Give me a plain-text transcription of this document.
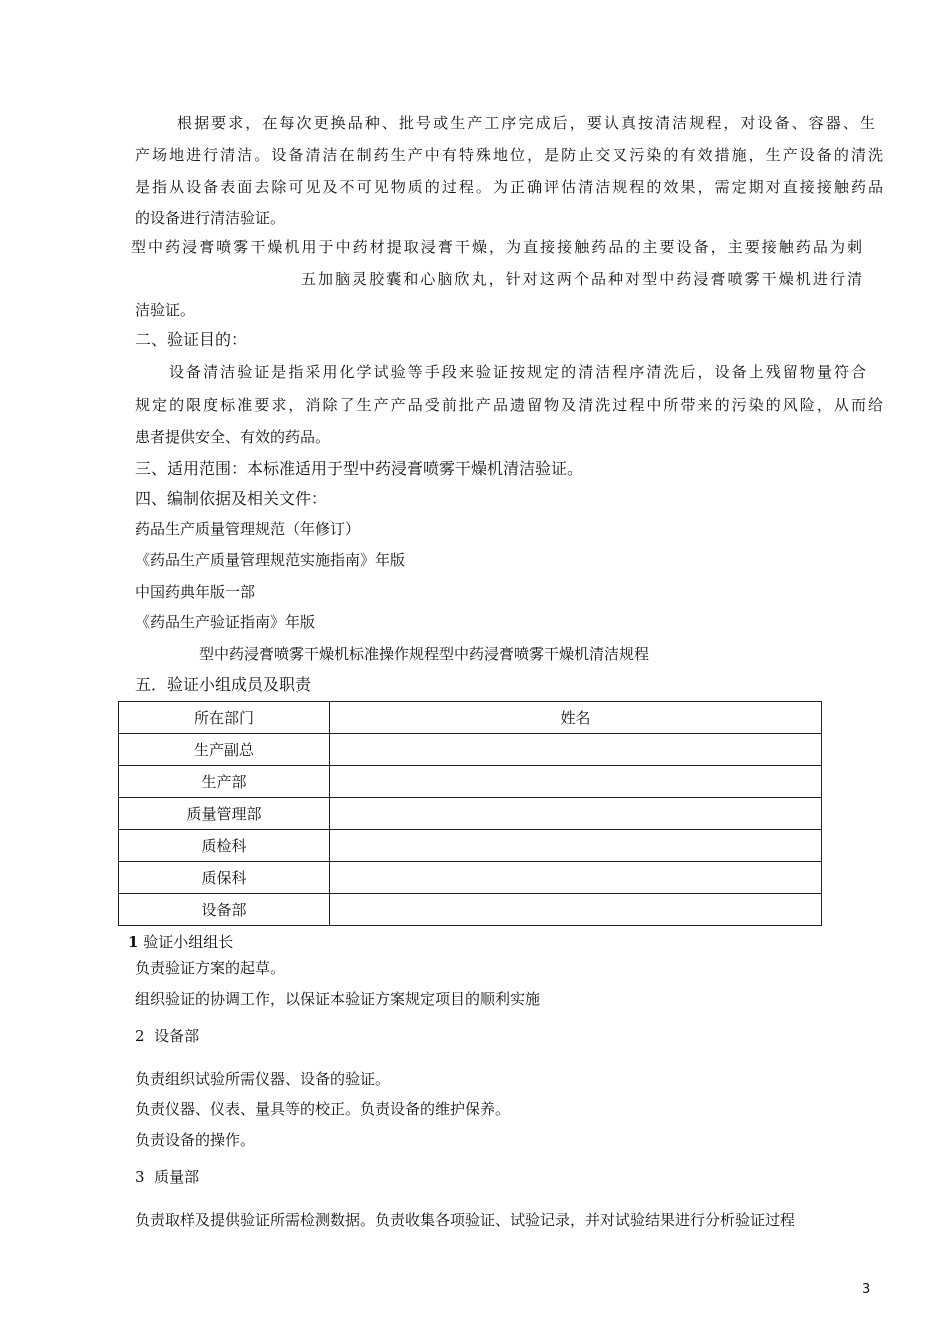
根据要求，在每次更换品种、批号或生产工序完成后，要认真按清洁规程，对设备、容器、生
产场地进行清洁。设备清洁在制药生产中有特殊地位，是防止交叉污染的有效措施，生产设备的清洗
是指从设备表面去除可见及不可见物质的过程。为正确评估清洁规程的效果，需定期对直接接触药品
的设备进行清洁验证。
型中药浸膏喷雾干燥机用于中药材提取浸膏干燥，为直接接触药品的主要设备，主要接触药品为刺
五加脑灵胶囊和心脑欣丸，针对这两个品种对型中药浸膏喷雾干燥机进行清
洁验证。
二、验证目的：
设备清洁验证是指采用化学试验等手段来验证按规定的清洁程序清洗后，设备上残留物量符合
规定的限度标准要求，消除了生产产品受前批产品遗留物及清洗过程中所带来的污染的风险，从而给
患者提供安全、有效的药品。
三、适用范围：本标准适用于型中药浸膏喷雾干燥机清洁验证。
四、编制依据及相关文件：
药品生产质量管理规范（年修订）
《药品生产质量管理规范实施指南》年版
中国药典年版一部
《药品生产验证指南》年版
型中药浸膏喷雾干燥机标准操作规程型中药浸膏喷雾干燥机清洁规程
五．验证小组成员及职责
所在部门	姓名
生产副总	
生产部	
质量管理部	
质检科	
质保科	
设备部	
1 验证小组组长
负责验证方案的起草。
组织验证的协调工作，以保证本验证方案规定项目的顺利实施
2  设备部
负责组织试验所需仪器、设备的验证。
负责仪器、仪表、量具等的校正。负责设备的维护保养。
负责设备的操作。
3  质量部
负责取样及提供验证所需检测数据。负责收集各项验证、试验记录，并对试验结果进行分析验证过程
3
